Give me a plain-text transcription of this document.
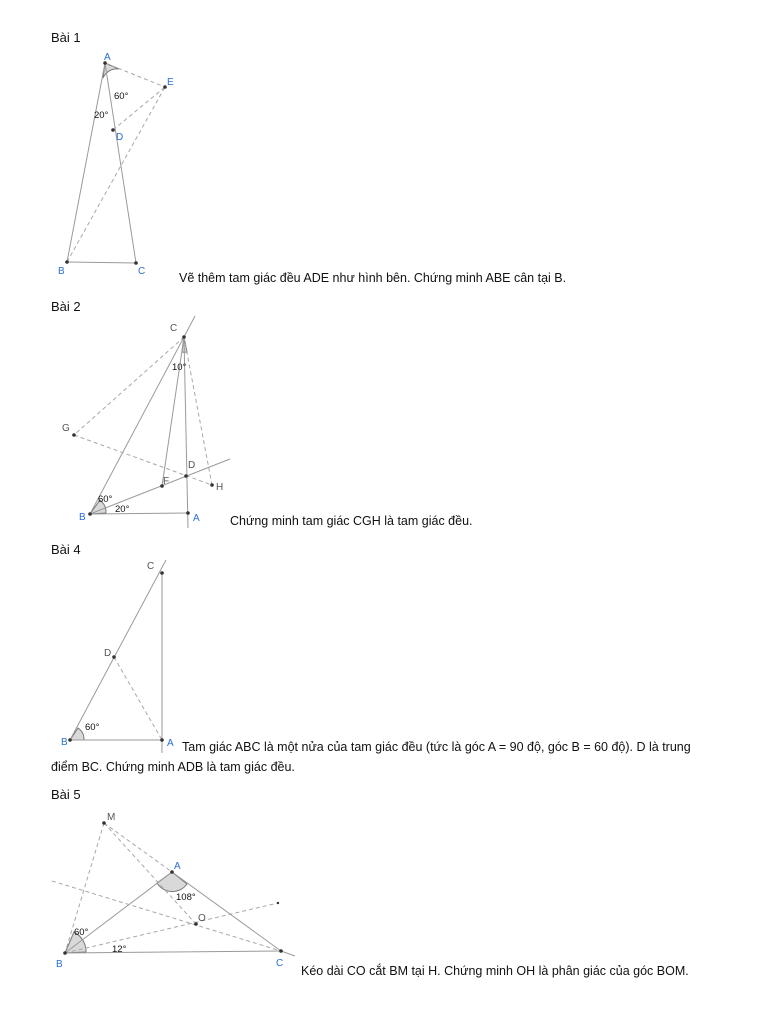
Bài 1
A
B	C
D
E
60°
20°
Vẽ thêm tam giác đều ADE như hình bên. Chứng minh ABE cân tại B.
Bài 2
C
G
D
F
H
B	A
10°
60°
20°
Chứng minh tam giác CGH là tam giác đều.
Bài 4
C
D
B	A
60°
Tam giác ABC là một nửa của tam giác đều (tức là góc A = 90 độ, góc B = 60 độ). D là trung
điểm BC. Chứng minh ADB là tam giác đều.
Bài 5
M
A
O
B	C
108°
60°
12°
Kéo dài CO cắt BM tại H. Chứng minh OH là phân giác của góc BOM.
